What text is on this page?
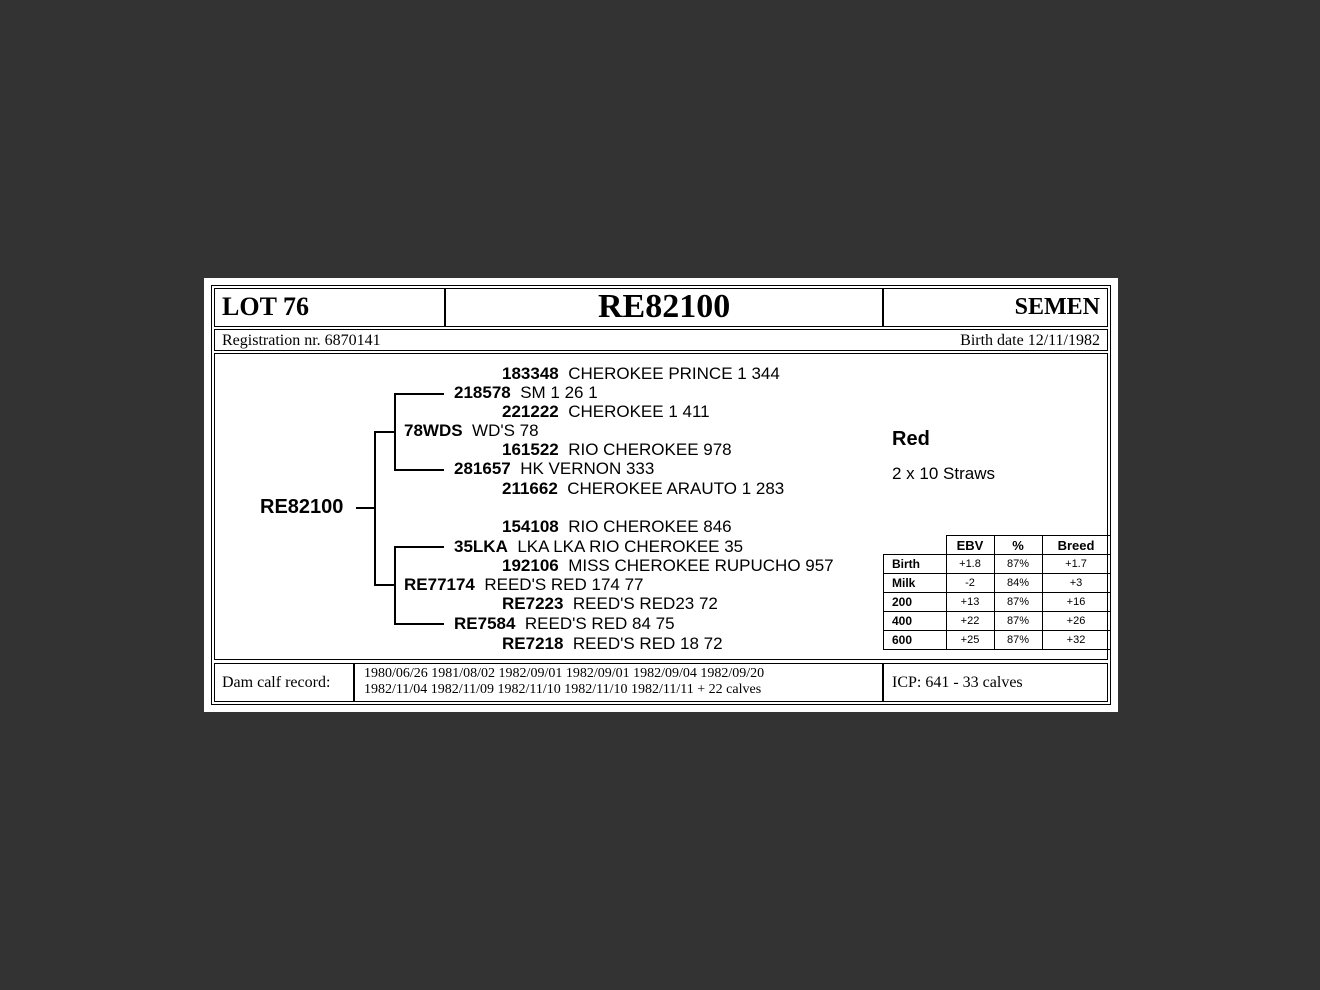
LOT 76	RE82100	SEMEN
Registration nr. 6870141	Birth date 12/11/1982
RE82100
78WDS WD'S 78
218578 SM 1 26 1
281657 HK VERNON 333
183348 CHEROKEE PRINCE 1 344
221222 CHEROKEE 1 411
161522 RIO CHEROKEE 978
211662 CHEROKEE ARAUTO 1 283
RE77174 REED'S RED 174 77
35LKA LKA LKA RIO CHEROKEE 35
RE7584 REED'S RED 84 75
154108 RIO CHEROKEE 846
192106 MISS CHEROKEE RUPUCHO 957
RE7223 REED'S RED23 72
RE7218 REED'S RED 18 72
Red
2 x 10 Straws
	EBV	%	Breed
Birth	+1.8	87%	+1.7
Milk	-2	84%	+3
200	+13	87%	+16
400	+22	87%	+26
600	+25	87%	+32
Dam calf record:
1980/06/26 1981/08/02 1982/09/01 1982/09/01 1982/09/04 1982/09/20
1982/11/04 1982/11/09 1982/11/10 1982/11/10 1982/11/11 + 22 calves	ICP: 641 - 33 calves
